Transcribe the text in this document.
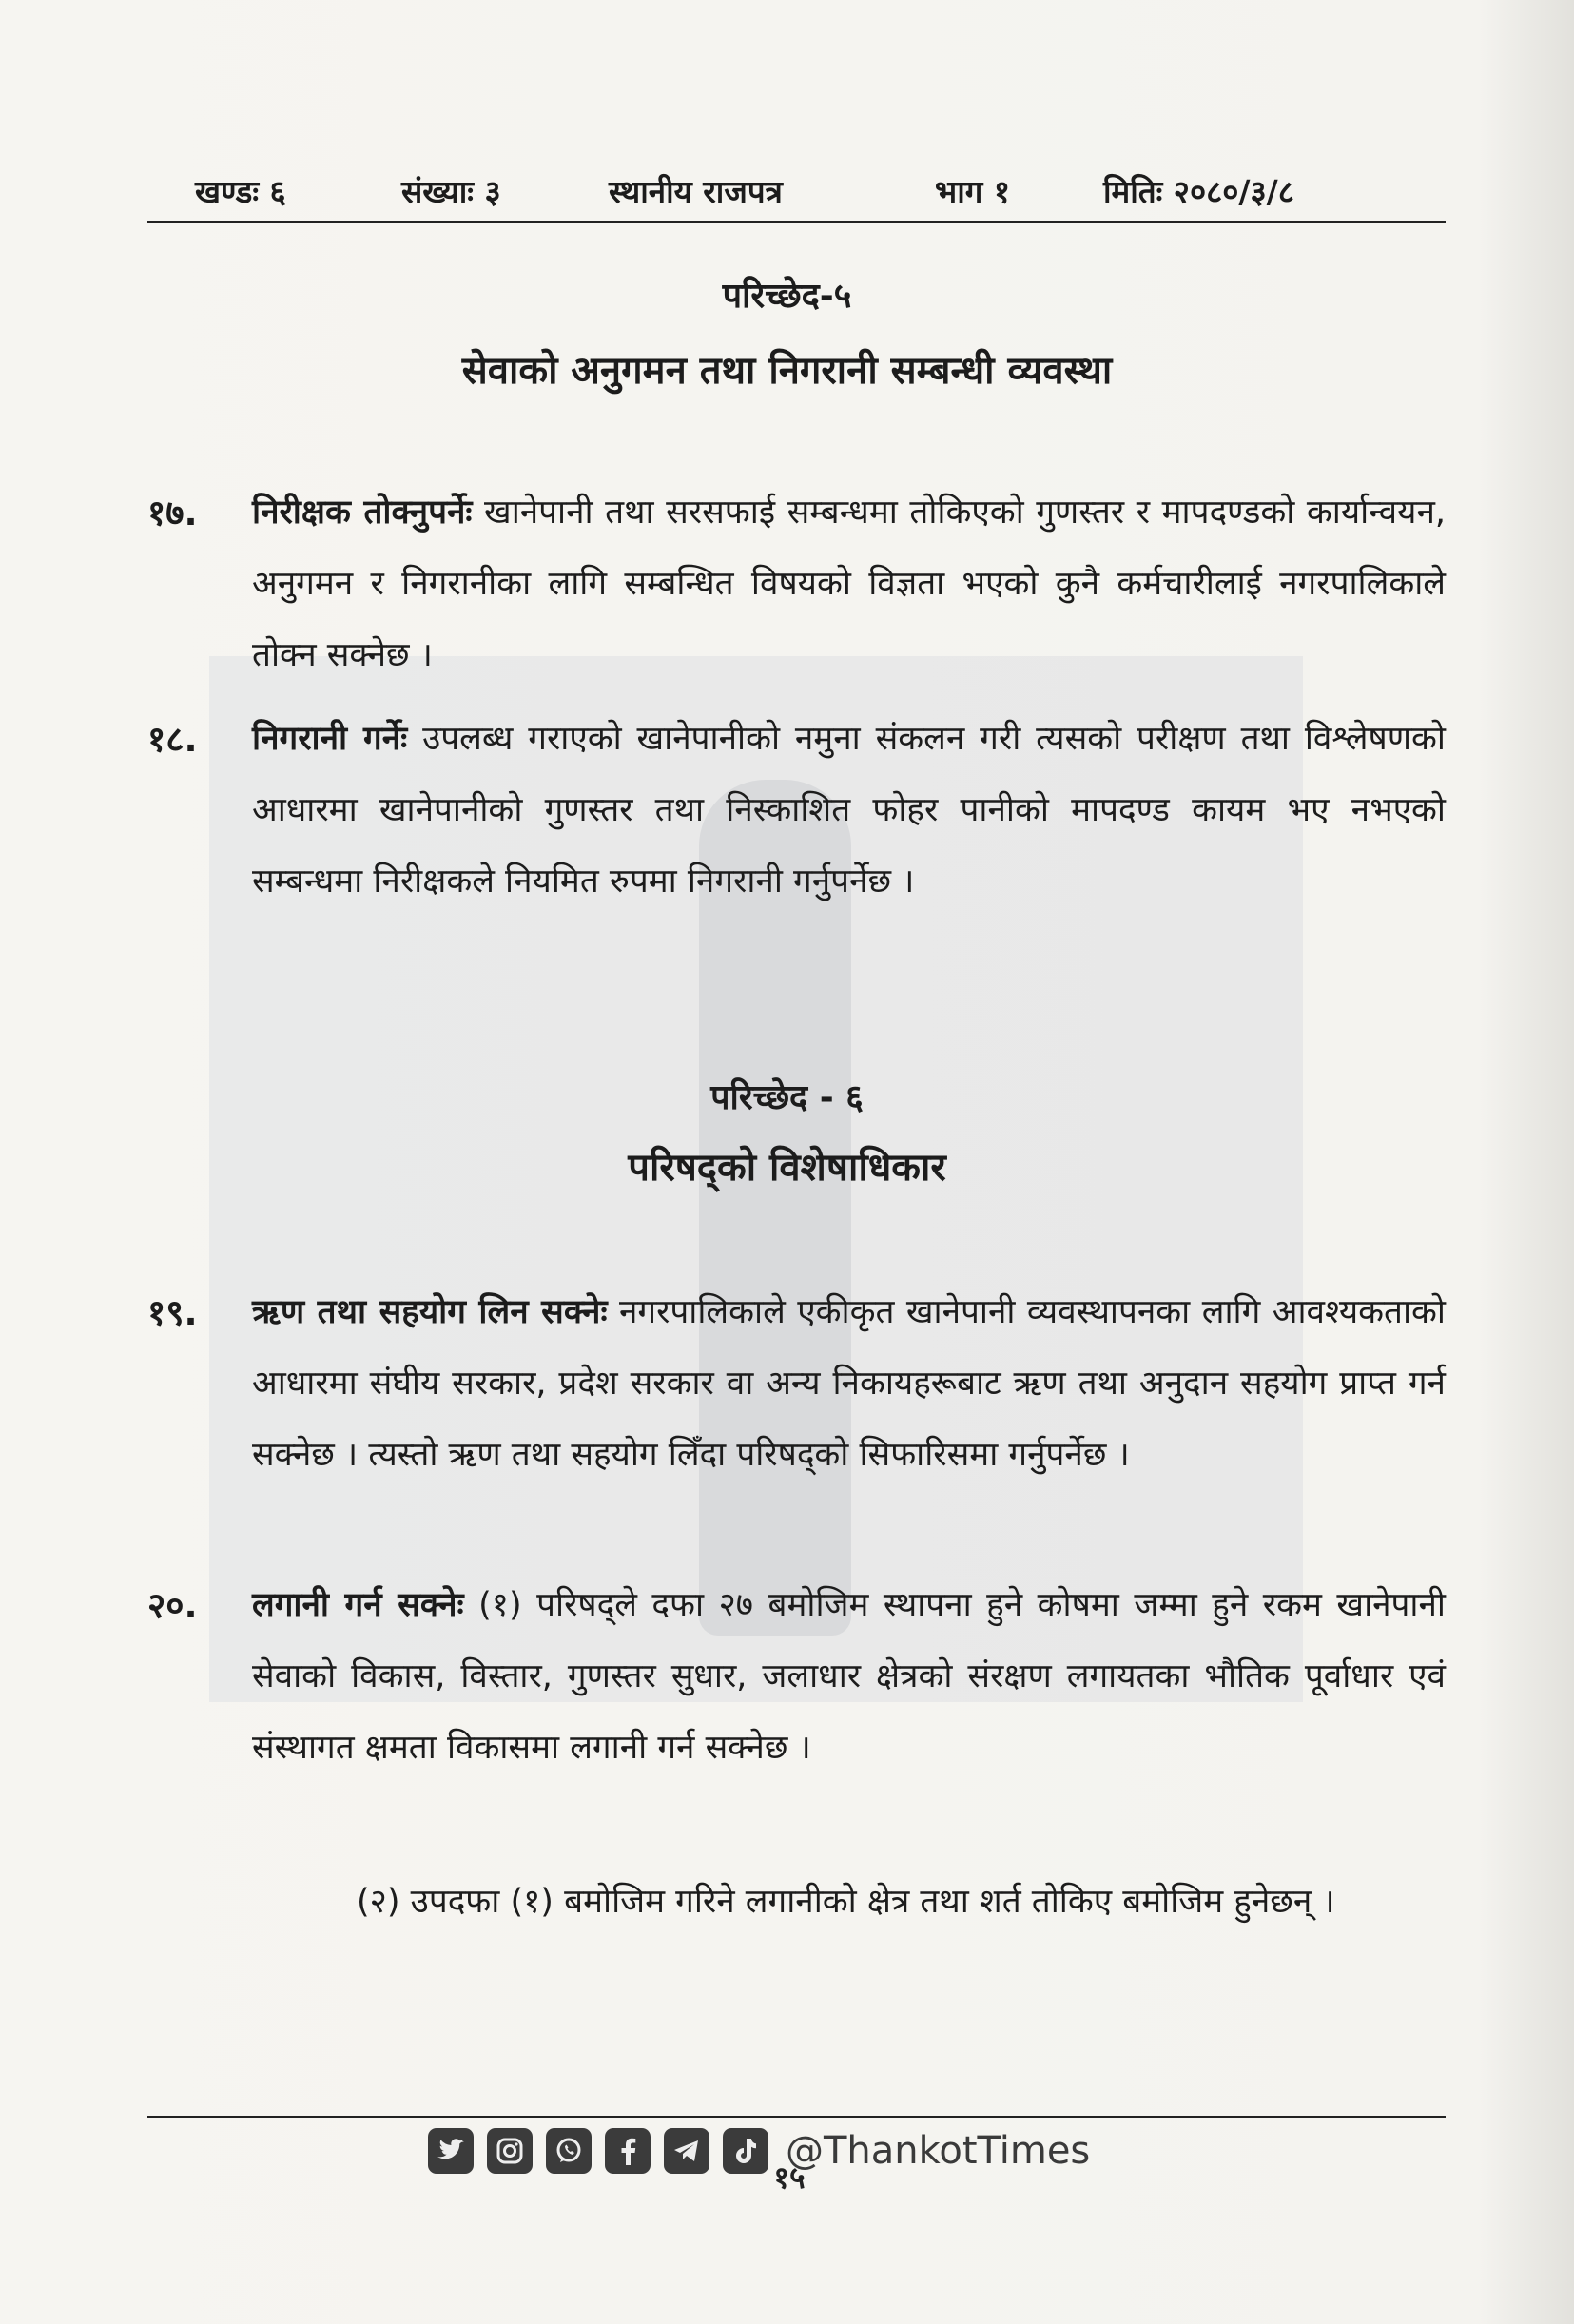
खण्डः ६	संख्याः ३	स्थानीय राजपत्र	भाग १	मितिः २०८०/३/८
परिच्छेद-५
सेवाको अनुगमन तथा निगरानी सम्बन्धी व्यवस्था
१७. निरीक्षक तोक्नुपर्नेः खानेपानी तथा सरसफाई सम्बन्धमा तोकिएको गुणस्तर र मापदण्डको कार्यान्वयन, अनुगमन र निगरानीका लागि सम्बन्धित विषयको विज्ञता भएको कुनै कर्मचारीलाई नगरपालिकाले तोक्न सक्नेछ ।
१८. निगरानी गर्नेः उपलब्ध गराएको खानेपानीको नमुना संकलन गरी त्यसको परीक्षण तथा विश्लेषणको आधारमा खानेपानीको गुणस्तर तथा निस्काशित फोहर पानीको मापदण्ड कायम भए नभएको सम्बन्धमा निरीक्षकले नियमित रुपमा निगरानी गर्नुपर्नेछ ।
परिच्छेद - ६
परिषद्को विशेषाधिकार
१९. ऋण तथा सहयोग लिन सक्नेः नगरपालिकाले एकीकृत खानेपानी व्यवस्थापनका लागि आवश्यकताको आधारमा संघीय सरकार, प्रदेश सरकार वा अन्य निकायहरूबाट ऋण तथा अनुदान सहयोग प्राप्त गर्न सक्नेछ । त्यस्तो ऋण तथा सहयोग लिँदा परिषद्को सिफारिसमा गर्नुपर्नेछ ।
२०. लगानी गर्न सक्नेः (१) परिषद्ले दफा २७ बमोजिम स्थापना हुने कोषमा जम्मा हुने रकम खानेपानी सेवाको विकास, विस्तार, गुणस्तर सुधार, जलाधार क्षेत्रको संरक्षण लगायतका भौतिक पूर्वाधार एवं संस्थागत क्षमता विकासमा लगानी गर्न सक्नेछ ।
(२) उपदफा (१) बमोजिम गरिने लगानीको क्षेत्र तथा शर्त तोकिए बमोजिम हुनेछन् ।
@ThankotTimes
१५
